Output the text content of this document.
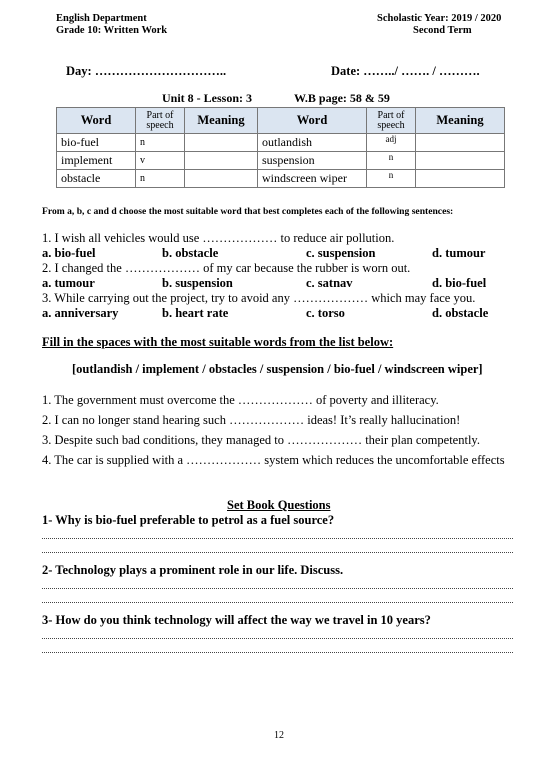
English Department
Grade 10: Written Work
Scholastic Year: 2019 / 2020
Second Term
Day: …………………………..	Date: ……../ ……. / ……….
Unit 8 - Lesson: 3	W.B page: 58 & 59
Word	Part of speech	Meaning	Word	Part of speech	Meaning
bio-fuel	n		outlandish	adj	
implement	v		suspension	n	
obstacle	n		windscreen wiper	n	
From a, b, c and d choose the most suitable word that best completes each of the following sentences:
1. I wish all vehicles would use ……………… to reduce air pollution.
a. bio-fuel	b. obstacle	c. suspension	d. tumour
2. I changed the ……………… of my car because the rubber is worn out.
a. tumour	b. suspension	c. satnav	d. bio-fuel
3. While carrying out the project, try to avoid any ……………… which may face you.
a. anniversary	b. heart rate	c. torso	d. obstacle
Fill in the spaces with the most suitable words from the list below:
[outlandish / implement / obstacles / suspension / bio-fuel / windscreen wiper]
1. The government must overcome the ……………… of poverty and illiteracy.
2. I can no longer stand hearing such ……………… ideas! It’s really hallucination!
3. Despite such bad conditions, they managed to ……………… their plan competently.
4. The car is supplied with a ……………… system which reduces the uncomfortable effects
Set Book Questions
1- Why is bio-fuel preferable to petrol as a fuel source?
2- Technology plays a prominent role in our life. Discuss.
3- How do you think technology will affect the way we travel in 10 years?
12
